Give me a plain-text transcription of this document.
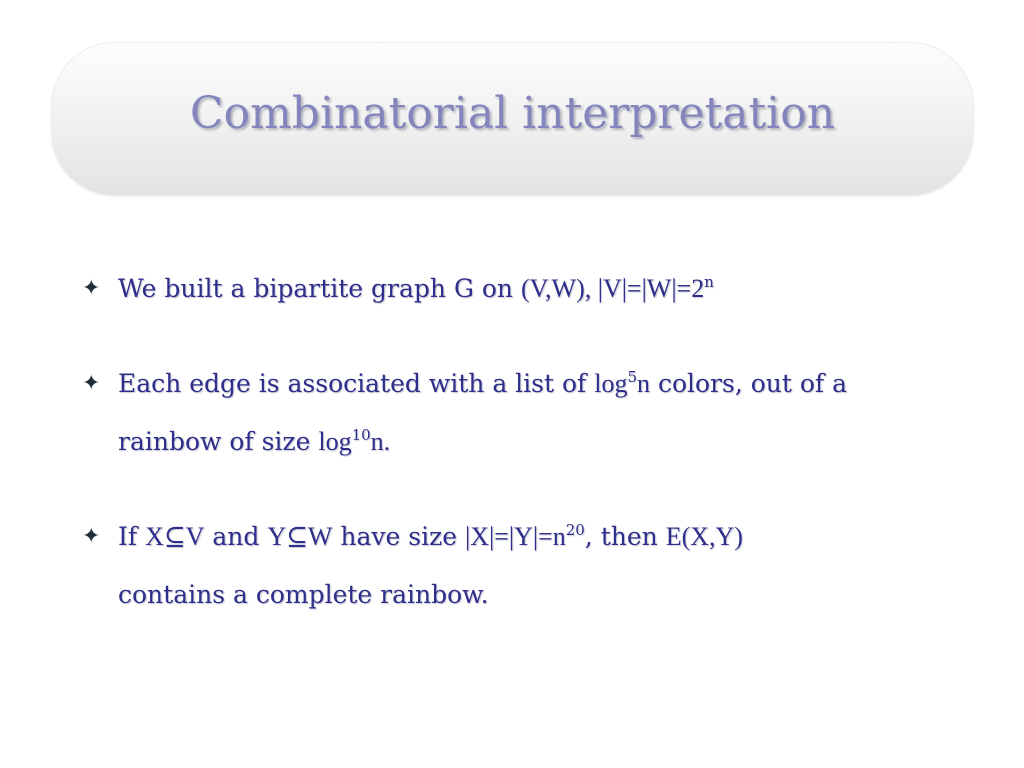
Combinatorial interpretation
✦ We built a bipartite graph G on (V,W), $|V|=|W|=2^n$
✦ Each edge is associated with a list of $\log^5n$ colors, out of a
rainbow of size $\log^{10}n$.
✦ If X⊆V and Y⊆W have size $|X|=|Y|=n^{20}$, then E(X,Y)
contains a complete rainbow.
